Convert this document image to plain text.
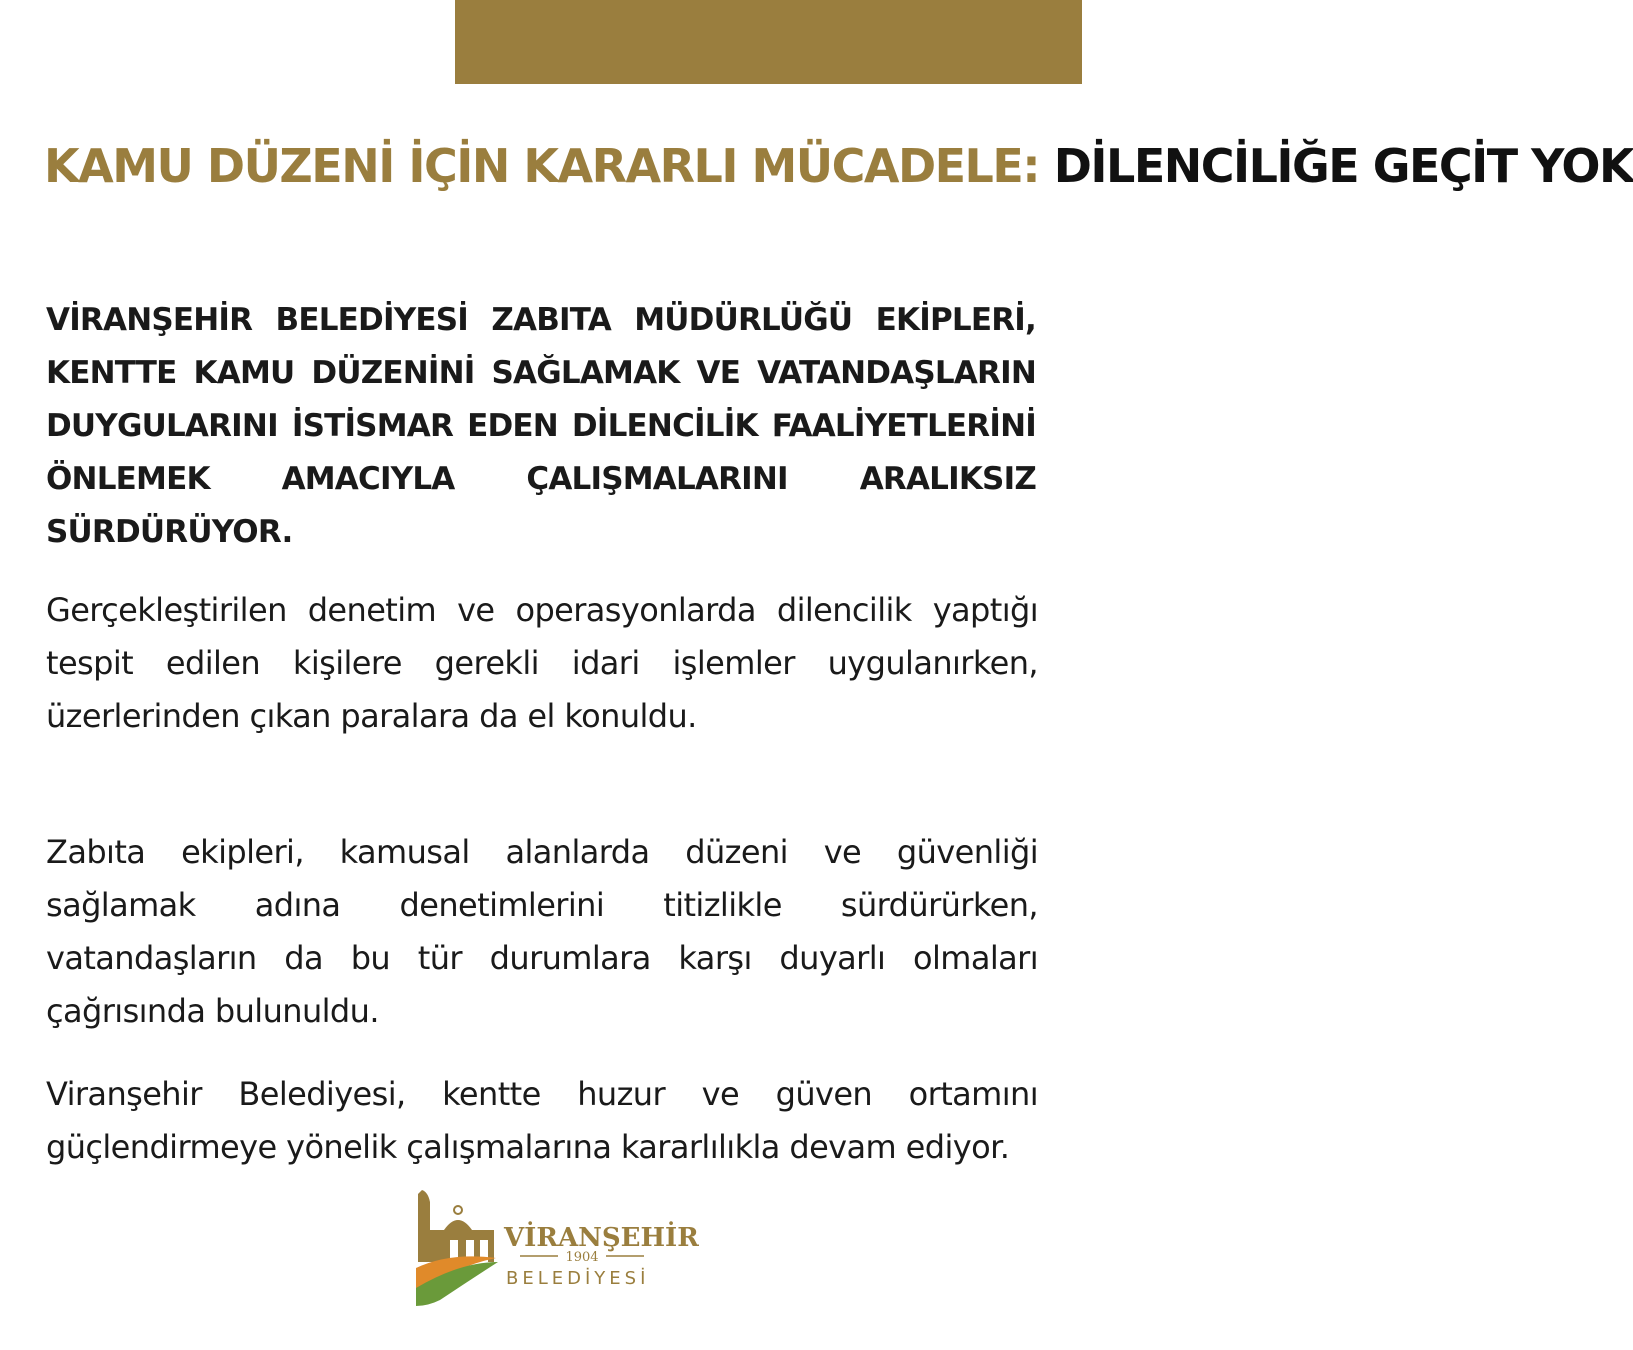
KAMU DÜZENİ İÇİN KARARLI MÜCADELE: DİLENCİLİĞE GEÇİT YOK

VİRANŞEHİR BELEDİYESİ ZABITA MÜDÜRLÜĞÜ EKİPLERİ, KENTTE KAMU DÜZENİNİ SAĞLAMAK VE VATANDAŞLARIN DUYGULARINI İSTİSMAR EDEN DİLENCİLİK FAALİYETLERİNİ ÖNLEMEK AMACIYLA ÇALIŞMALARINI ARALIKSIZ SÜRDÜRÜYOR.

Gerçekleştirilen denetim ve operasyonlarda dilencilik yaptığı tespit edilen kişilere gerekli idari işlemler uygulanırken, üzerlerinden çıkan paralara da el konuldu.

Zabıta ekipleri, kamusal alanlarda düzeni ve güvenliği sağlamak adına denetimlerini titizlikle sürdürürken, vatandaşların da bu tür durumlara karşı duyarlı olmaları çağrısında bulunuldu.

Viranşehir Belediyesi, kentte huzur ve güven ortamını güçlendirmeye yönelik çalışmalarına kararlılıkla devam ediyor.

VİRANŞEHİR
1904
BELEDİYESİ
